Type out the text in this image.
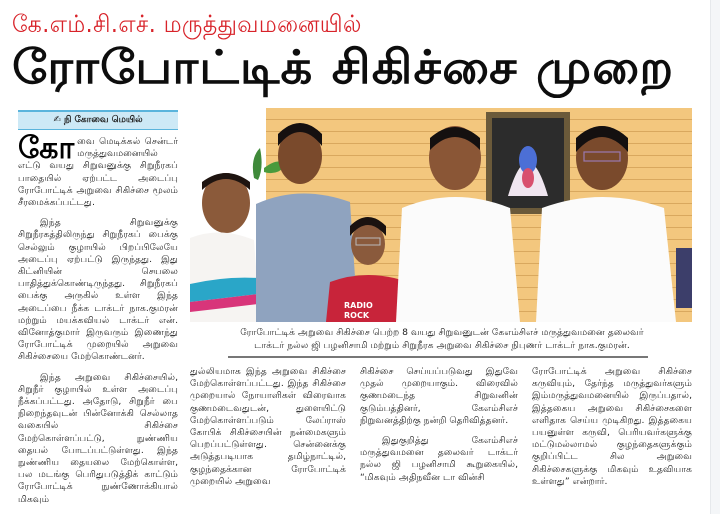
கே.எம்.சி.எச். மருத்துவமனையில்
ரோபோட்டிக் சிகிச்சை முறை
✍ நி கோவை மெயில்

கோவை மெடிக்கல் சென்டர் மருத்துவமனையில் எட்டு வயது சிறுவனுக்கு சிறுநீரகப் பாதையில் ஏற்பட்ட அடைப்பு ரோபோட்டிக் அறுவை சிகிச்சை மூலம் சீரமைக்கப்பட்டது.

இந்த சிறுவனுக்கு சிறுநீரகத்திலிருந்து சிறுநீரகப் பைக்கு செல்லும் குழாயில் பிறப்பிலேயே அடைப்பு ஏற்பட்டு இருந்தது. இது கிட்னியின் செயலை பாதித்துக்கொண்டிருந்தது. சிறுநீரகப் பைக்கு அருகில் உள்ள இந்த அடைப்பை நீக்க டாக்டர் நாக.குமரன் மற்றும் மயக்கவியல் டாக்டர் என். வினோத்குமார் இருவரும் இணைந்து ரோபோட்டிக் முறையில் அறுவை சிகிச்சையை மேற்கொண்டனர்.

இந்த அறுவை சிகிச்சையில், சிறுநீர் குழாயில் உள்ள அடைப்பு நீக்கப்பட்டது. அதோடு, சிறுநீர் பை நிறைந்தவுடன் பின்னோக்கி செல்லாத வகையில் சிகிச்சை மேற்கொள்ளப்பட்டு, நுண்ணிய தையல் போடப்பட்டுள்ளது. இந்த நுண்ணிய தையலை மேற்கொள்ள, பல மடங்கு பெரிதுபடுத்திக் காட்டும் ரோபோட்டிக் நுண்ணோக்கியால் மிகவும்

RADIO
ROCK
ரோபோட்டிக் அறுவை சிகிச்சை பெற்ற 8 வயது சிறுவனுடன் கேஎம்சிஎச் மருத்துவமனை தலைவர்
டாக்டர் நல்ல ஜி பழனிசாமி மற்றும் சிறுநீரக அறுவை சிகிச்சை நிபுணர் டாக்டர் நாக.குமரன்.

துல்லியமாக இந்த அறுவை சிகிச்சை மேற்கொள்ளப்பட்டது. இந்த சிகிச்சை முறையால் நோயாளிகள் விரைவாக குணமடைவதுடன், துளையிட்டு மேற்கொள்ளப்படும் லேப்ராஸ் கோபிக் சிகிச்சையின் நன்மைகளும் பெறப்பட்டுள்ளது. சென்னைக்கு அடுத்தபடியாக தமிழ்நாட்டில், குழந்தைக்கான ரோபோட்டிக் முறையில் அறுவை

சிகிச்சை செய்யப்படுவது இதுவே முதல் முறையாகும். விரைவில் குணமடைந்த சிறுவனின் குடும்பத்தினர், கேஎம்சிஎச் நிறுவனத்திற்கு நன்றி தெரிவித்தனர்.

இதுகுறித்து கேஎம்சிஎச் மருத்துவமனை தலைவர் டாக்டர் நல்ல ஜி பழனிசாமி கூறுகையில், “மிகவும் அதிநவீன டா வின்சி

ரோபோட்டிக் அறுவை சிகிச்சை கருவியும், தேர்ந்த மருத்துவர்களும் இம்மருத்துவமனையில் இருப்பதால், இத்தகைய அறுவை சிகிச்சைகளை எளிதாக செய்ய முடிகிறது. இத்தகைய பயனுள்ள கருவி, பெரியவர்களுக்கு மட்டுமல்லாமல் குழந்தைகளுக்கும் குறிப்பிட்ட சில அறுவை சிகிச்சைகளுக்கு மிகவும் உதவியாக உள்ளது” என்றார்.
